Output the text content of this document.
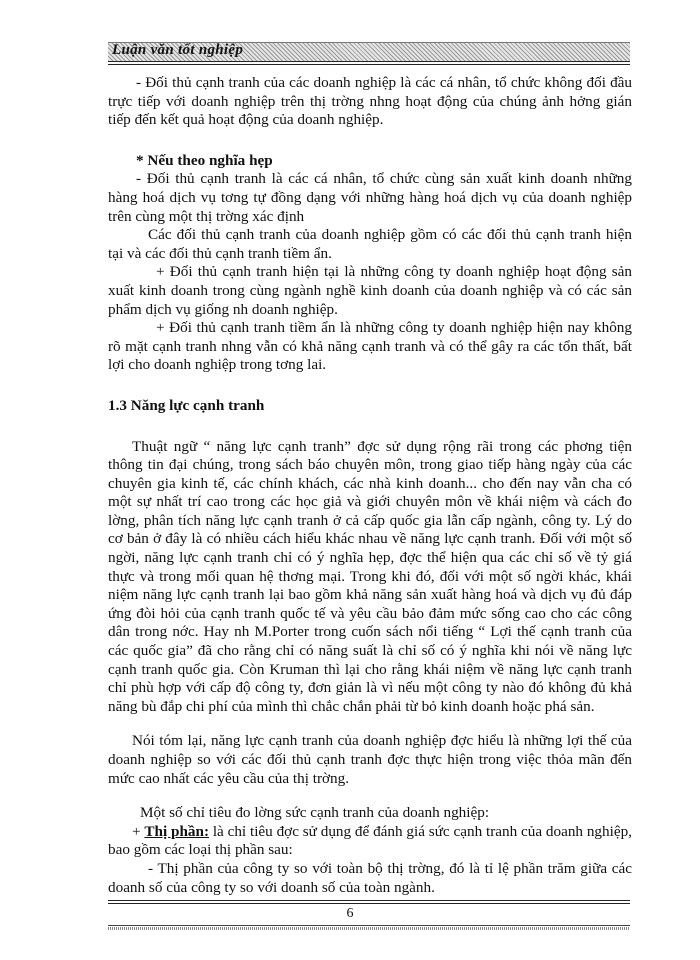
Luận văn tốt nghiệp

- Đối thủ cạnh tranh của các doanh nghiệp là các cá nhân, tổ chức không đối đầu trực tiếp với doanh nghiệp trên thị trờng nhng hoạt động của chúng ảnh hởng gián tiếp đến kết quả hoạt động của doanh nghiệp.

* Nếu theo nghĩa hẹp

- Đối thủ cạnh tranh là các cá nhân, tổ chức cùng sản xuất kinh doanh những hàng hoá dịch vụ tơng tự đồng dạng với những hàng hoá dịch vụ của doanh nghiệp trên cùng một thị trờng xác định

Các đối thủ cạnh tranh của doanh nghiệp gồm có các đối thủ cạnh tranh hiện tại và các đối thủ cạnh tranh tiềm ẩn.

+ Đối thủ cạnh tranh hiện tại là những công ty doanh nghiệp hoạt động sản xuất kinh doanh trong cùng ngành nghề kinh doanh của doanh nghiệp và có các sản phẩm dịch vụ giống nh doanh nghiệp.

+ Đối thủ cạnh tranh tiềm ẩn là những công ty doanh nghiệp hiện nay không rõ mặt cạnh tranh nhng vẫn có khả năng cạnh tranh và có thể gây ra các tổn thất, bất lợi cho doanh nghiệp trong tơng lai.

1.3 Năng lực cạnh tranh

Thuật ngữ “ năng lực cạnh tranh” đợc sử dụng rộng rãi trong các phơng tiện thông tin đại chúng, trong sách báo chuyên môn, trong giao tiếp hàng ngày của các chuyên gia kinh tế, các chính khách, các nhà kinh doanh... cho đến nay vẫn cha có một sự nhất trí cao trong các học giả và giới chuyên môn về khái niệm và cách đo lờng, phân tích năng lực cạnh tranh ở cả cấp quốc gia lẫn cấp ngành, công ty. Lý do cơ bản ở đây là có nhiều cách hiểu khác nhau về năng lực cạnh tranh. Đối với một số ngời, năng lực cạnh tranh chỉ có ý nghĩa hẹp, đợc thể hiện qua các chỉ số về tỷ giá thực và trong mối quan hệ thơng mại. Trong khi đó, đối với một số ngời khác, khái niệm năng lực cạnh tranh lại bao gồm khả năng sản xuất hàng hoá và dịch vụ đủ đáp ứng đòi hỏi của cạnh tranh quốc tế và yêu cầu bảo đảm mức sống cao cho các công dân trong nớc. Hay nh M.Porter trong cuốn sách nổi tiếng “ Lợi thế cạnh tranh của các quốc gia” đã cho rằng chỉ có năng suất là chỉ số có ý nghĩa khi nói về năng lực cạnh tranh quốc gia. Còn Kruman thì lại cho rằng khái niệm về năng lực cạnh tranh chỉ phù hợp với cấp độ công ty, đơn giản là vì nếu một công ty nào đó không đủ khả năng bù đắp chi phí của mình thì chắc chắn phải từ bỏ kinh doanh hoặc phá sản.

Nói tóm lại, năng lực cạnh tranh của doanh nghiệp đợc hiểu là những lợi thế của doanh nghiệp so với các đối thủ cạnh tranh đợc thực hiện trong việc thỏa mãn đến mức cao nhất các yêu cầu của thị trờng.

Một số chỉ tiêu đo lờng sức cạnh tranh của doanh nghiệp:

+ Thị phần: là chỉ tiêu đợc sử dụng để đánh giá sức cạnh tranh của doanh nghiệp, bao gồm các loại thị phần sau:

- Thị phần của công ty so với toàn bộ thị trờng, đó là tỉ lệ phần trăm giữa các doanh số của công ty so với doanh số của toàn ngành.

6
